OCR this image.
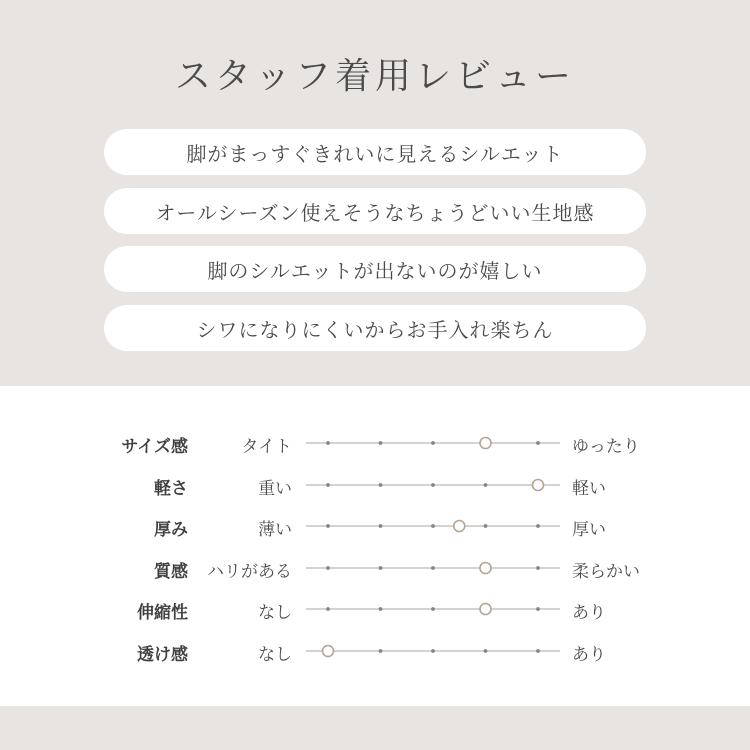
スタッフ着用レビュー
脚がまっすぐきれいに見えるシルエット
オールシーズン使えそうなちょうどいい生地感
脚のシルエットが出ないのが嬉しい
シワになりにくいからお手入れ楽ちん
サイズ感	タイト	ゆったり
軽さ	重い	軽い
厚み	薄い	厚い
質感	ハリがある	柔らかい
伸縮性	なし	あり
透け感	なし	あり
